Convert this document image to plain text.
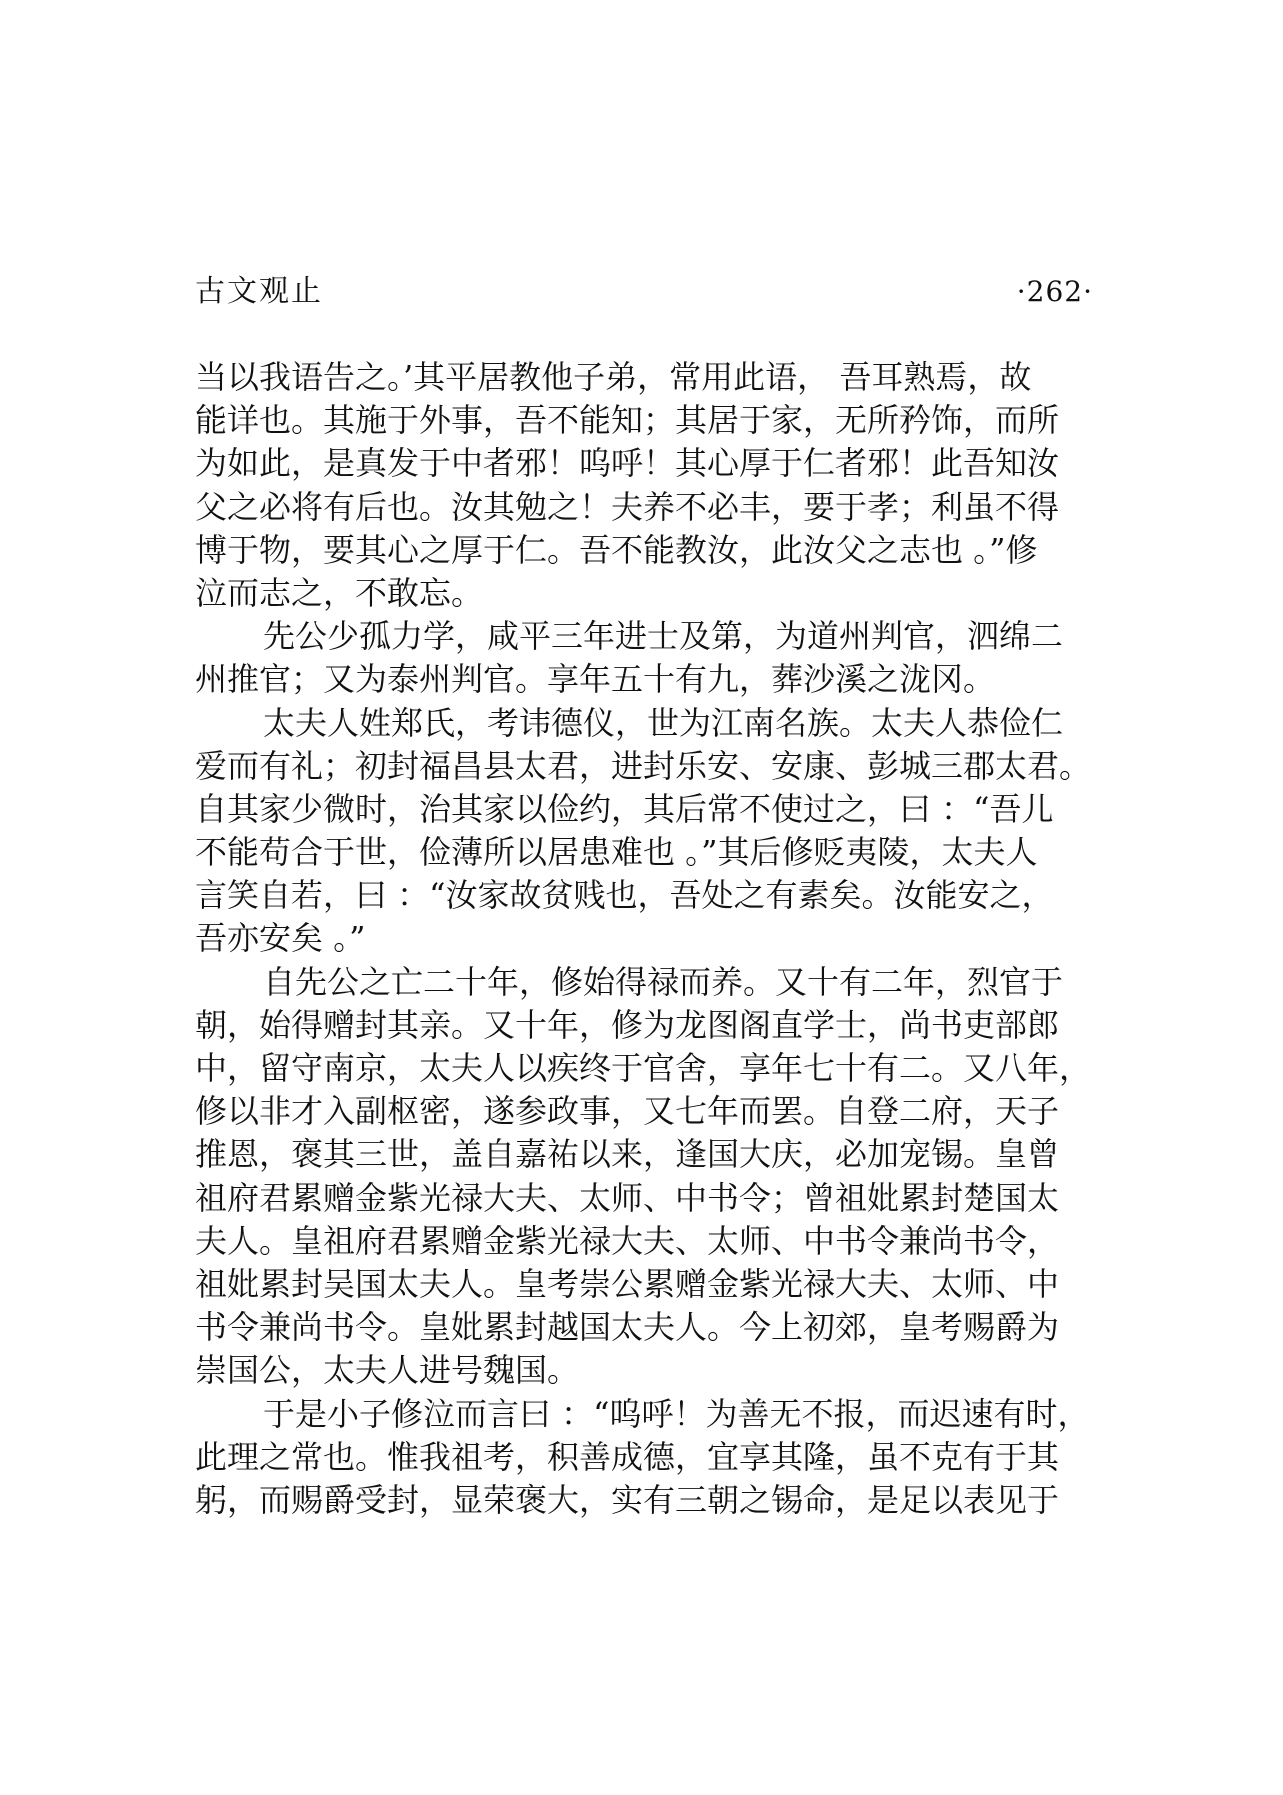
古文观止	·262·
当以我语告之。’其平居教他子弟，常用此语， 吾耳熟焉，故
能详也。其施于外事，吾不能知；其居于家，无所矜饰，而所
为如此，是真发于中者邪！呜呼！其心厚于仁者邪！此吾知汝
父之必将有后也。汝其勉之！夫养不必丰，要于孝；利虽不得
博于物，要其心之厚于仁。吾不能教汝，此汝父之志也 。”修
泣而志之，不敢忘。
先公少孤力学，咸平三年进士及第，为道州判官，泗绵二
州推官；又为泰州判官。享年五十有九，葬沙溪之泷冈。
太夫人姓郑氏，考讳德仪，世为江南名族。太夫人恭俭仁
爱而有礼；初封福昌县太君，进封乐安、安康、彭城三郡太君。
自其家少微时，治其家以俭约，其后常不使过之，曰 ：“吾儿
不能苟合于世，俭薄所以居患难也 。”其后修贬夷陵，太夫人
言笑自若，曰 ：“汝家故贫贱也，吾处之有素矣。汝能安之，
吾亦安矣 。”
自先公之亡二十年，修始得禄而养。又十有二年，烈官于
朝，始得赠封其亲。又十年，修为龙图阁直学士，尚书吏部郎
中，留守南京，太夫人以疾终于官舍，享年七十有二。又八年，
修以非才入副枢密，遂参政事，又七年而罢。自登二府，天子
推恩，褒其三世，盖自嘉祐以来，逢国大庆，必加宠锡。皇曾
祖府君累赠金紫光禄大夫、太师、中书令；曾祖妣累封楚国太
夫人。皇祖府君累赠金紫光禄大夫、太师、中书令兼尚书令，
祖妣累封吴国太夫人。皇考崇公累赠金紫光禄大夫、太师、中
书令兼尚书令。皇妣累封越国太夫人。今上初郊，皇考赐爵为
崇国公，太夫人进号魏国。
于是小子修泣而言曰 ：“呜呼！为善无不报，而迟速有时，
此理之常也。惟我祖考，积善成德，宜享其隆，虽不克有于其
躬，而赐爵受封，显荣褒大，实有三朝之锡命，是足以表见于
